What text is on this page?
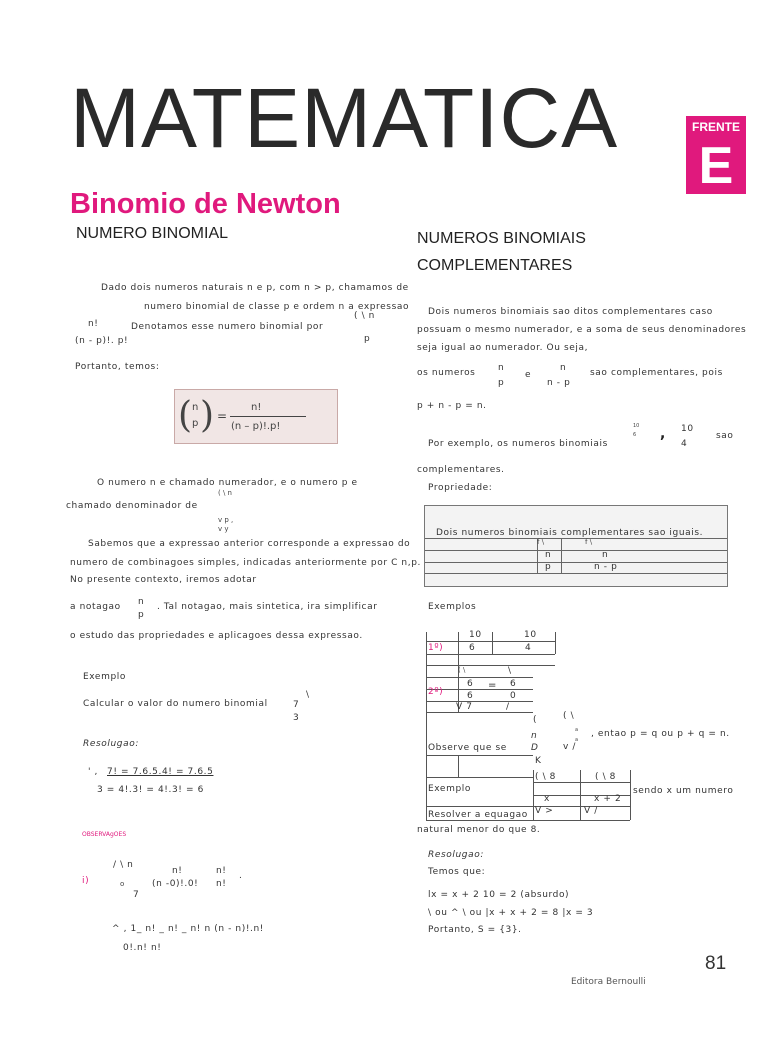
MATEMATICA	FRENTE
E
Binomio de Newton
NUMERO BINOMIAL
Dado dois numeros naturais n e p, com n > p, chamamos de
numero binomial de classe p e ordem n a expressao
( \ n
n!	Denotamos esse numero binomial por
(n - p)!. p!	p
Portanto, temos:
( )
n
p
=
n!
(n – p)!.p!
O numero n e chamado numerador, e o numero p e
( \ n
chamado denominador de
v p ,
v y
Sabemos que a expressao anterior corresponde a expressao do
numero de combinagoes simples, indicadas anteriormente por C n,p.
No presente contexto, iremos adotar
a notagao n
p
. Tal notagao, mais sintetica, ira simplificar
o estudo das propriedades e aplicagoes dessa expressao.
Exemplo
Calcular o valor do numero binomial
\
7
3
Resolugao:
' , 7! = 7.6.5.4! = 7.6.5
3 = 4!.3! = 4!.3! = 6
OBSERVAgOES
i)
/ \ n
o
7
n!	n! .
(n -0)!.0! n!
^ , 1_ n! _ n! _ n! n (n - n)!.n!
0!.n! n!
NUMEROS BINOMIAIS
COMPLEMENTARES
Dois numeros binomiais sao ditos complementares caso
possuam o mesmo numerador, e a soma de seus denominadores
seja igual ao numerador. Ou seja,
os numeros	n
p
e
n
n - p
sao complementares, pois
p + n - p = n.
10
6 , 10
4
sao
Por exemplo, os numeros binomiais
complementares.
Propriedade:
Dois numeros binomiais complementares sao iguais.
f \	f \
n	n
p	n - p
Exemplos
1º)
10	10
6	4
( \	\
2º)
6 = 6
6	0
V 7	/
(	( \
n
a , entao p = q ou p + q = n.
a
Observe que se	D	v /
K
( \ 8	( \ 8
Exemplo	sendo x um numero
x	x + 2
V >	V /
Resolver a equagao
natural menor do que 8.
Resolugao:
Temos que:
lx = x + 2 10 = 2 (absurdo)
\ ou ^ \ ou |x + x + 2 = 8 |x = 3
Portanto, S = {3}.
Editora Bernoulli
81
